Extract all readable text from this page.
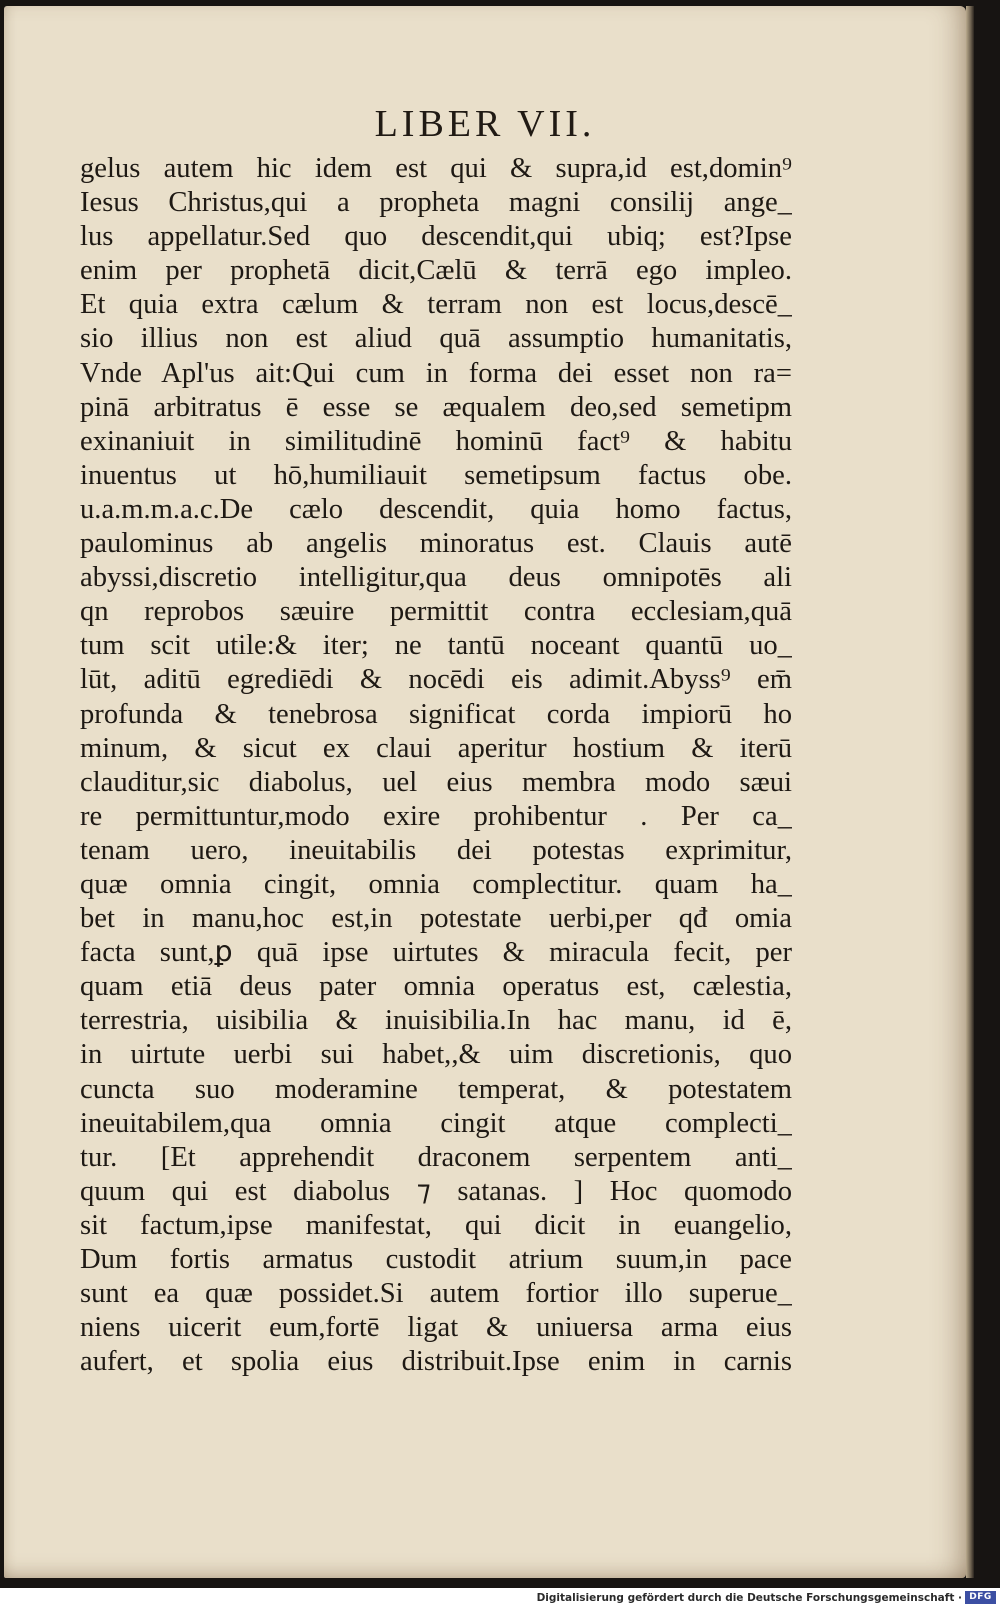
LIBER VII.
gelus autem hic idem est qui & supra,id est,domin⁹
Iesus Christus,qui a propheta magni consilij ange_
lus appellatur.Sed quo descendit,qui ubiq; est?Ipse
enim per prophetā dicit,Cælū & terrā ego impleo.
Et quia extra cælum & terram non est locus,descē_
sio illius non est aliud quā assumptio humanitatis,
Vnde Apl'us ait:Qui cum in forma dei esset non ra=
pinā arbitratus ē esse se æqualem deo,sed semetipm
exinaniuit in similitudinē hominū fact⁹ & habitu
inuentus ut hō,humiliauit semetipsum factus obe.
u.a.m.m.a.c.De cælo descendit, quia homo factus,
paulominus ab angelis minoratus est. Clauis autē
abyssi,discretio intelligitur,qua deus omnipotēs ali
qn reprobos sæuire permittit contra ecclesiam,quā
tum scit utile:& iter; ne tantū noceant quantū uo_
lūt, aditū egrediēdi & nocēdi eis adimit.Abyss⁹ em̄
profunda & tenebrosa significat corda impiorū ho
minum, & sicut ex claui aperitur hostium & iterū
clauditur,sic diabolus, uel eius membra modo sæui
re permittuntur,modo exire prohibentur . Per ca_
tenam uero, ineuitabilis dei potestas exprimitur,
quæ omnia cingit, omnia complectitur. quam ha_
bet in manu,hoc est,in potestate uerbi,per qđ omia
facta sunt,ꝑ quā ipse uirtutes & miracula fecit, per
quam etiā deus pater omnia operatus est, cælestia,
terrestria, uisibilia & inuisibilia.In hac manu, id ē,
in uirtute uerbi sui habet,,& uim discretionis, quo
cuncta suo moderamine temperat, & potestatem
ineuitabilem,qua omnia cingit atque complecti_
tur. [Et apprehendit draconem serpentem anti_
quum qui est diabolus ⁊ satanas. ] Hoc quomodo
sit factum,ipse manifestat, qui dicit in euangelio,
Dum fortis armatus custodit atrium suum,in pace
sunt ea quæ possidet.Si autem fortior illo superue_
niens uicerit eum,fortē ligat & uniuersa arma eius
aufert, et spolia eius distribuit.Ipse enim in carnis
Digitalisierung gefördert durch die Deutsche Forschungsgemeinschaft · DFG
